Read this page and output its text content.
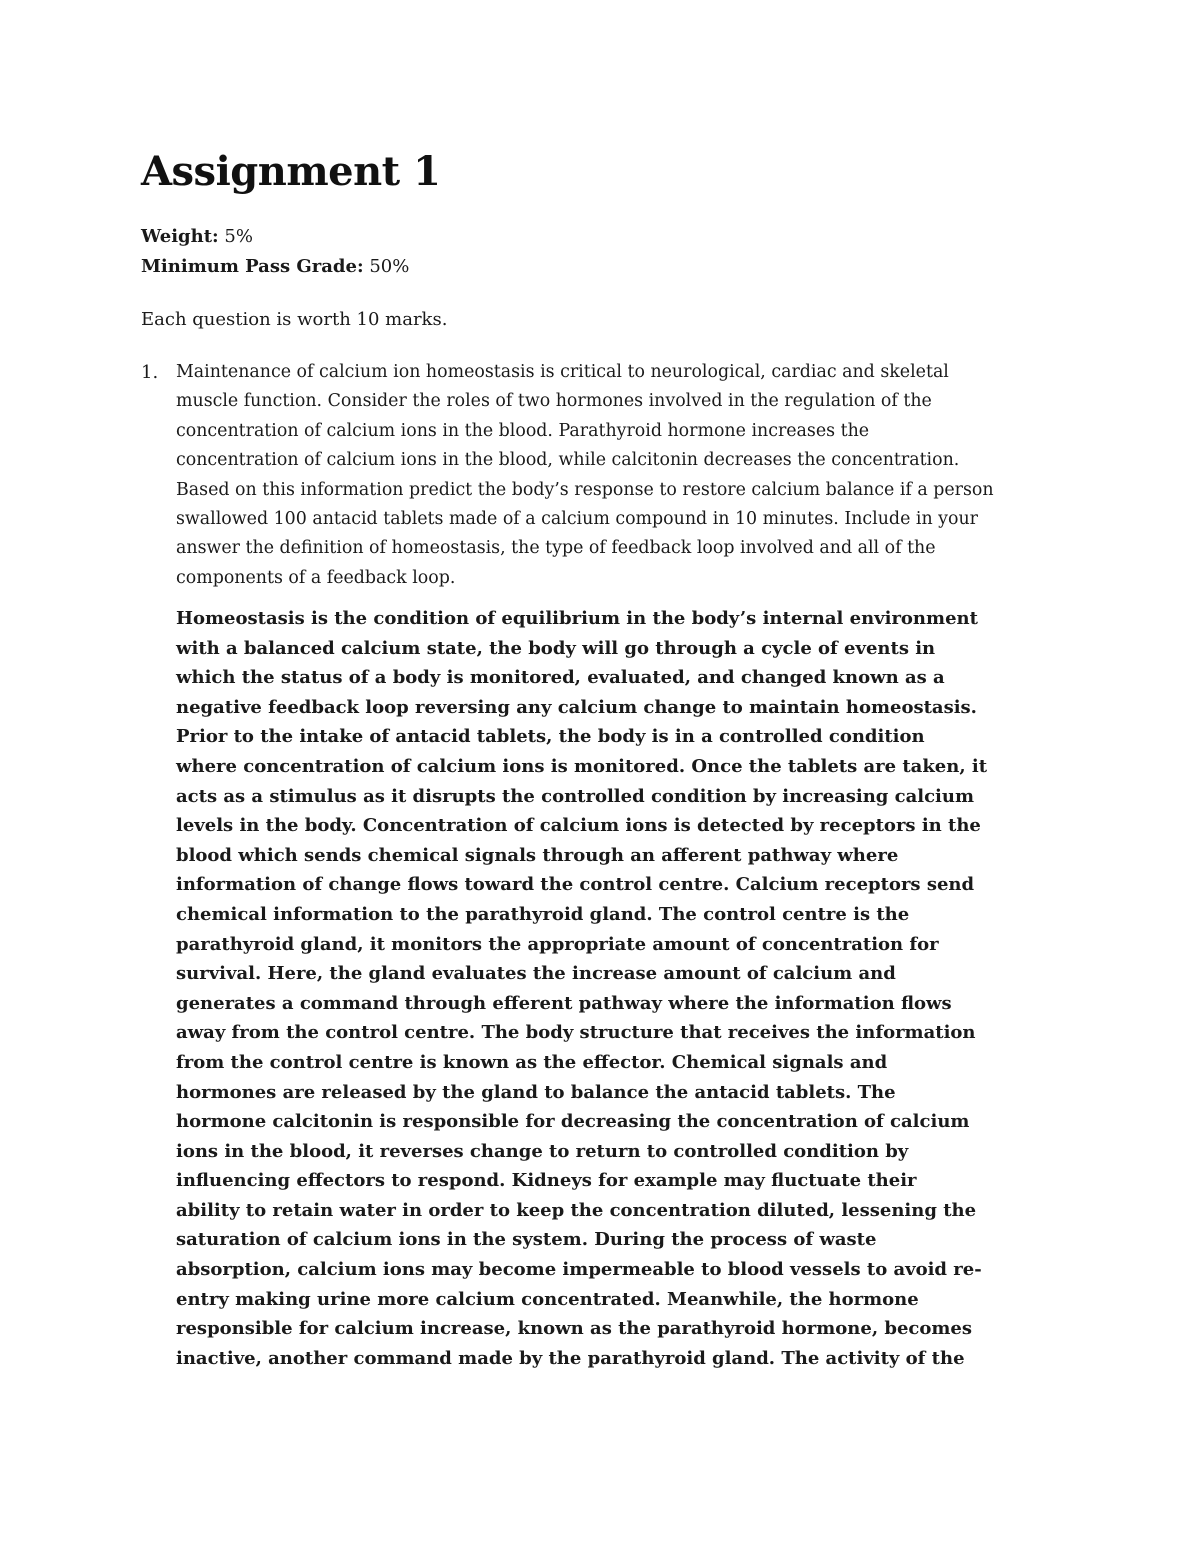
Assignment 1
Weight: 5%
Minimum Pass Grade: 50%
Each question is worth 10 marks.
1. Maintenance of calcium ion homeostasis is critical to neurological, cardiac and skeletal
muscle function. Consider the roles of two hormones involved in the regulation of the
concentration of calcium ions in the blood. Parathyroid hormone increases the
concentration of calcium ions in the blood, while calcitonin decreases the concentration.
Based on this information predict the body’s response to restore calcium balance if a person
swallowed 100 antacid tablets made of a calcium compound in 10 minutes. Include in your
answer the definition of homeostasis, the type of feedback loop involved and all of the
components of a feedback loop.
Homeostasis is the condition of equilibrium in the body’s internal environment
with a balanced calcium state, the body will go through a cycle of events in
which the status of a body is monitored, evaluated, and changed known as a
negative feedback loop reversing any calcium change to maintain homeostasis.
Prior to the intake of antacid tablets, the body is in a controlled condition
where concentration of calcium ions is monitored. Once the tablets are taken, it
acts as a stimulus as it disrupts the controlled condition by increasing calcium
levels in the body. Concentration of calcium ions is detected by receptors in the
blood which sends chemical signals through an afferent pathway where
information of change flows toward the control centre. Calcium receptors send
chemical information to the parathyroid gland. The control centre is the
parathyroid gland, it monitors the appropriate amount of concentration for
survival. Here, the gland evaluates the increase amount of calcium and
generates a command through efferent pathway where the information flows
away from the control centre. The body structure that receives the information
from the control centre is known as the effector. Chemical signals and
hormones are released by the gland to balance the antacid tablets. The
hormone calcitonin is responsible for decreasing the concentration of calcium
ions in the blood, it reverses change to return to controlled condition by
influencing effectors to respond. Kidneys for example may fluctuate their
ability to retain water in order to keep the concentration diluted, lessening the
saturation of calcium ions in the system. During the process of waste
absorption, calcium ions may become impermeable to blood vessels to avoid re-
entry making urine more calcium concentrated. Meanwhile, the hormone
responsible for calcium increase, known as the parathyroid hormone, becomes
inactive, another command made by the parathyroid gland. The activity of the
